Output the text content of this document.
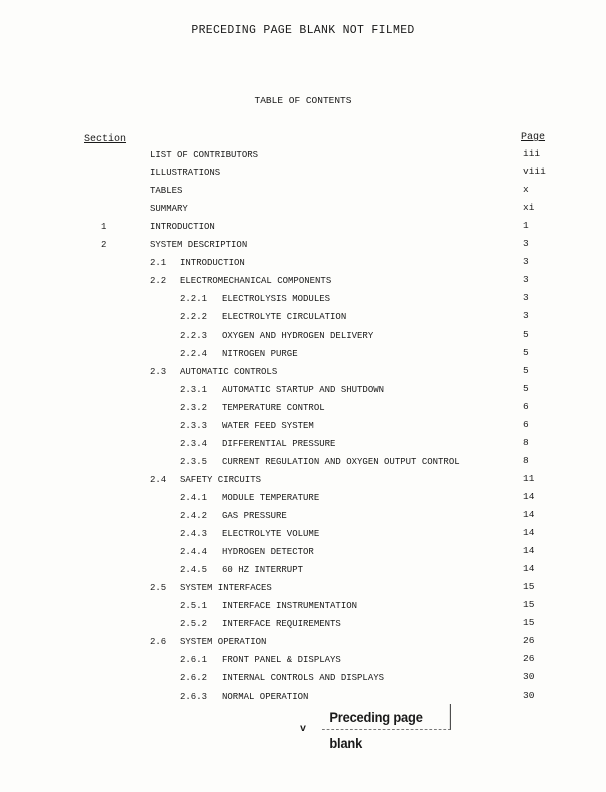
PRECEDING PAGE BLANK NOT FILMED
TABLE OF CONTENTS
Section	Page
LIST OF CONTRIBUTORS	iii
ILLUSTRATIONS	viii
TABLES	x
SUMMARY	xi
1	INTRODUCTION	1
2	SYSTEM DESCRIPTION	3
2.1 INTRODUCTION	3
2.2 ELECTROMECHANICAL COMPONENTS	3
2.2.1 ELECTROLYSIS MODULES	3
2.2.2 ELECTROLYTE CIRCULATION	3
2.2.3 OXYGEN AND HYDROGEN DELIVERY	5
2.2.4 NITROGEN PURGE	5
2.3 AUTOMATIC CONTROLS	5
2.3.1 AUTOMATIC STARTUP AND SHUTDOWN	5
2.3.2 TEMPERATURE CONTROL	6
2.3.3 WATER FEED SYSTEM	6
2.3.4 DIFFERENTIAL PRESSURE	8
2.3.5 CURRENT REGULATION AND OXYGEN OUTPUT CONTROL	8
2.4 SAFETY CIRCUITS	11
2.4.1 MODULE TEMPERATURE	14
2.4.2 GAS PRESSURE	14
2.4.3 ELECTROLYTE VOLUME	14
2.4.4 HYDROGEN DETECTOR	14
2.4.5 60 HZ INTERRUPT	14
2.5 SYSTEM INTERFACES	15
2.5.1 INTERFACE INSTRUMENTATION	15
2.5.2 INTERFACE REQUIREMENTS	15
2.6 SYSTEM OPERATION	26
2.6.1 FRONT PANEL & DISPLAYS	26
2.6.2 INTERNAL CONTROLS AND DISPLAYS	30
2.6.3 NORMAL OPERATION	30
Preceding page blank
v
